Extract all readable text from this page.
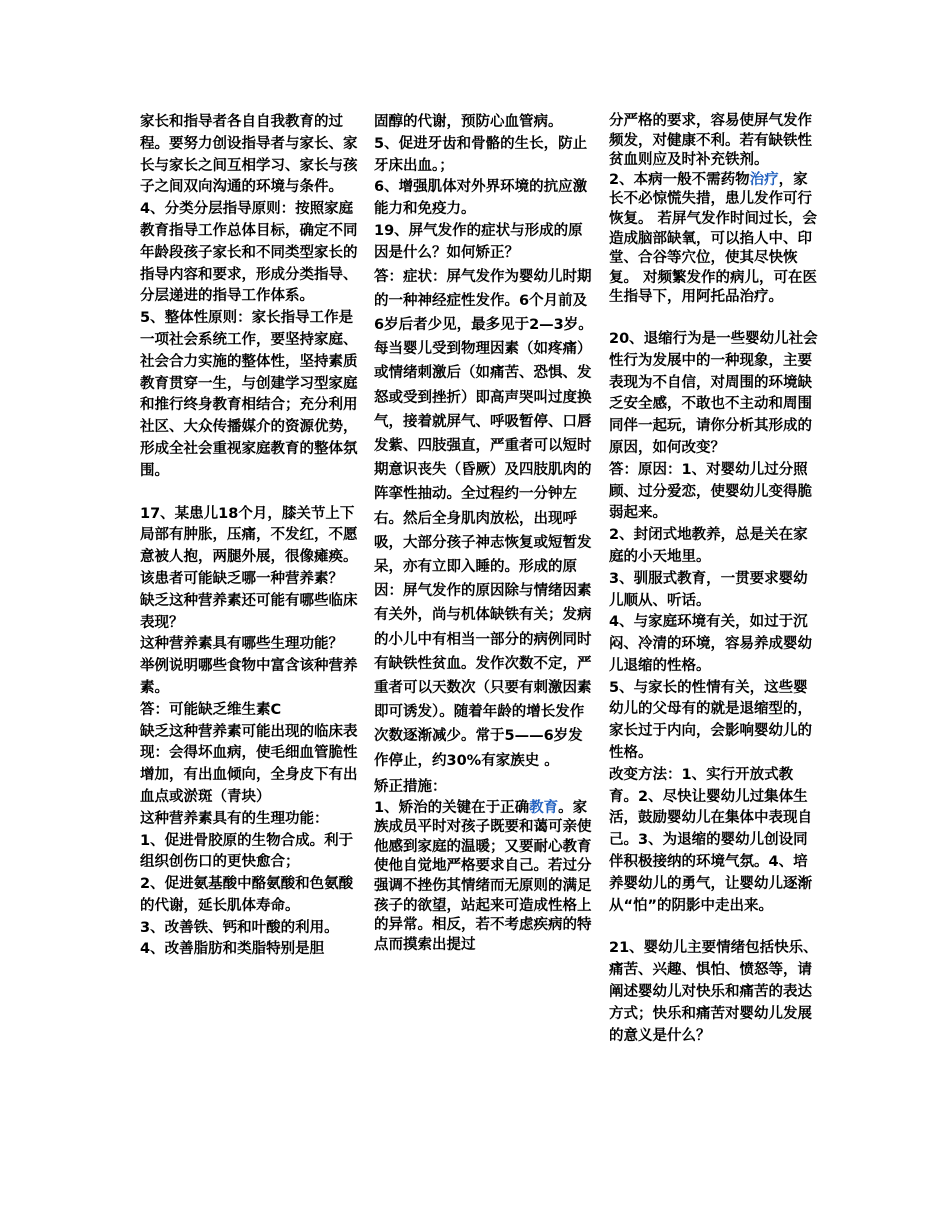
家长和指导者各自自我教育的过程。要努力创设指导者与家长、家长与家长之间互相学习、家长与孩子之间双向沟通的环境与条件。

4、分类分层指导原则：按照家庭教育指导工作总体目标，确定不同年龄段孩子家长和不同类型家长的指导内容和要求，形成分类指导、分层递进的指导工作体系。

5、整体性原则：家长指导工作是一项社会系统工作，要坚持家庭、社会合力实施的整体性，坚持素质教育贯穿一生，与创建学习型家庭和推行终身教育相结合；充分利用社区、大众传播媒介的资源优势，形成全社会重视家庭教育的整体氛围。

17、某患儿18个月，膝关节上下局部有肿胀，压痛，不发红，不愿意被人抱，两腿外展，很像瘫痪。

该患者可能缺乏哪一种营养素？

缺乏这种营养素还可能有哪些临床表现？

这种营养素具有哪些生理功能？

举例说明哪些食物中富含该种营养素。

答：可能缺乏维生素C

缺乏这种营养素可能出现的临床表现：会得坏血病，使毛细血管脆性增加，有出血倾向，全身皮下有出血点或淤斑（青块）

这种营养素具有的生理功能：

1、促进骨胶原的生物合成。利于组织创伤口的更快愈合；

2、促进氨基酸中酪氨酸和色氨酸的代谢，延长肌体寿命。

3、改善铁、钙和叶酸的利用。

4、改善脂肪和类脂特别是胆

固醇的代谢，预防心血管病。

5、促进牙齿和骨骼的生长，防止牙床出血。；

6、增强肌体对外界环境的抗应激能力和免疫力。

19、屏气发作的症状与形成的原因是什么？如何矫正？

答：症状：屏气发作为婴幼儿时期的一种神经症性发作。6个月前及6岁后者少见，最多见于2—3岁。每当婴儿受到物理因素（如疼痛）或情绪刺激后（如痛苦、恐惧、发怒或受到挫折）即高声哭叫过度换气，接着就屏气、呼吸暂停、口唇发紫、四肢强直，严重者可以短时期意识丧失（昏厥）及四肢肌肉的阵挛性抽动。全过程约一分钟左右。然后全身肌肉放松，出现呼吸，大部分孩子神志恢复或短暂发呆，亦有立即入睡的。形成的原因：屏气发作的原因除与情绪因素有关外，尚与机体缺铁有关；发病的小儿中有相当一部分的病例同时有缺铁性贫血。发作次数不定，严重者可以天数次（只要有刺激因素即可诱发）。随着年龄的增长发作次数逐渐减少。常于5——6岁发作停止，约30%有家族史 。

矫正措施：

1、矫治的关键在于正确教育。家族成员平时对孩子既要和蔼可亲使他感到家庭的温暖；又要耐心教育使他自觉地严格要求自己。若过分强调不挫伤其情绪而无原则的满足孩子的欲望，站起来可造成性格上的异常。相反，若不考虑疾病的特点而摸索出提过

分严格的要求，容易使屏气发作频发，对健康不利。若有缺铁性贫血则应及时补充铁剂。

2、本病一般不需药物治疗，家长不必惊慌失措，患儿发作可行恢复。 若屏气发作时间过长，会造成脑部缺氧，可以掐人中、印堂、合谷等穴位，使其尽快恢复。 对频繁发作的病儿，可在医生指导下，用阿托品治疗。

20、退缩行为是一些婴幼儿社会性行为发展中的一种现象，主要表现为不自信，对周围的环境缺乏安全感，不敢也不主动和周围同伴一起玩，请你分析其形成的原因，如何改变？

答：原因：1、对婴幼儿过分照顾、过分爱恋，使婴幼儿变得脆弱起来。

2、封闭式地教养，总是关在家庭的小天地里。

3、驯服式教育，一贯要求婴幼儿顺从、听话。

4、与家庭环境有关，如过于沉闷、冷清的环境，容易养成婴幼儿退缩的性格。

5、与家长的性情有关，这些婴幼儿的父母有的就是退缩型的，家长过于内向，会影响婴幼儿的性格。

改变方法：1、实行开放式教育。2、尽快让婴幼儿过集体生活，鼓励婴幼儿在集体中表现自己。3、为退缩的婴幼儿创设同伴积极接纳的环境气氛。4、培养婴幼儿的勇气，让婴幼儿逐渐从“怕”的阴影中走出来。

21、婴幼儿主要情绪包括快乐、痛苦、兴趣、惧怕、愤怒等，请阐述婴幼儿对快乐和痛苦的表达方式；快乐和痛苦对婴幼儿发展的意义是什么？
